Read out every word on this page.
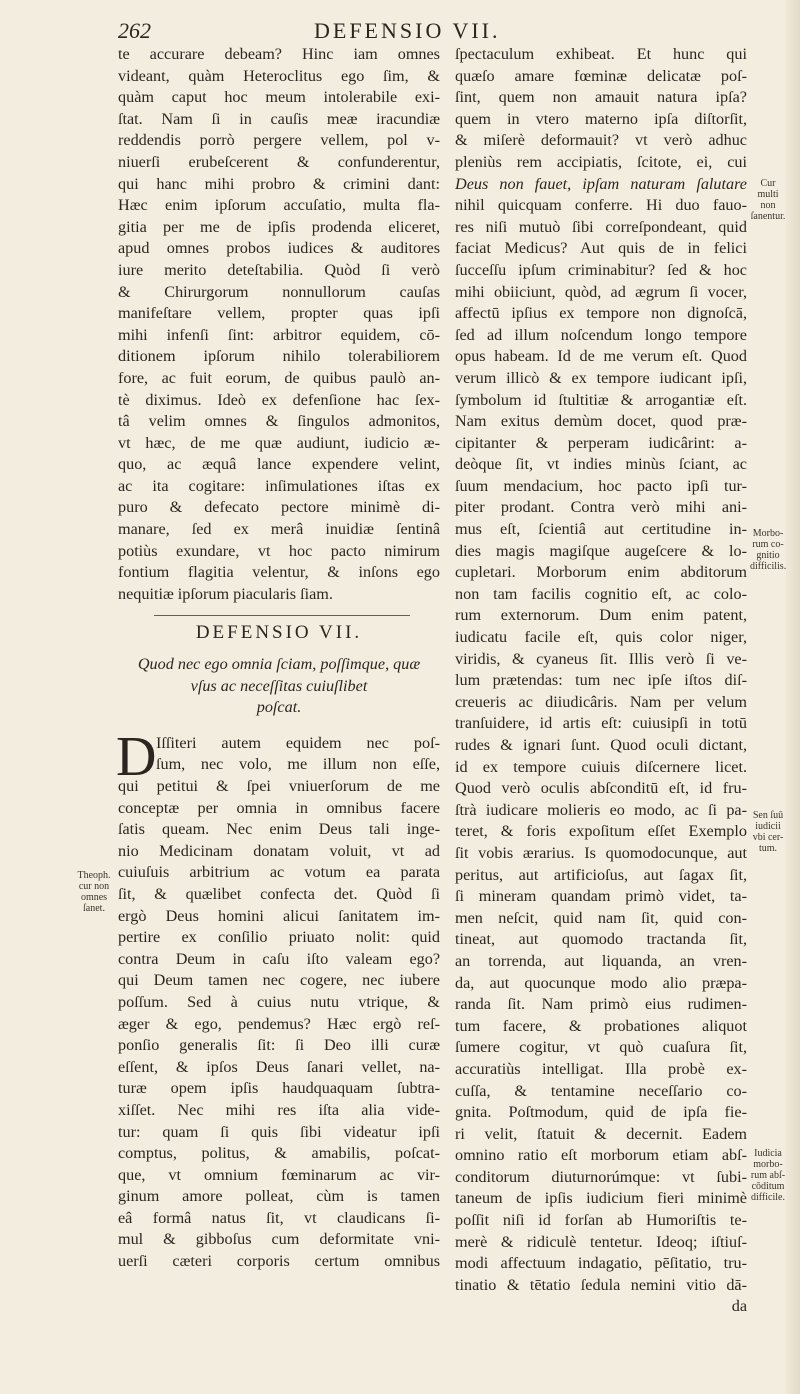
262	DEFENSIO VII.
te accurare debeam? Hinc iam omnes
videant, quàm Heteroclitus ego ſim, &
quàm caput hoc meum intolerabile exi-
ſtat. Nam ſi in cauſis meæ iracundiæ
reddendis porrò pergere vellem, pol v-
niuerſi erubeſcerent & confunderentur,
qui hanc mihi probro & crimini dant:
Hæc enim ipſorum accuſatio, multa fla-
gitia per me de ipſis prodenda eliceret,
apud omnes probos iudices & auditores
iure merito deteſtabilia. Quòd ſi verò
& Chirurgorum nonnullorum cauſas
manifeſtare vellem, propter quas ipſi
mihi infenſi ſint: arbitror equidem, cō-
ditionem ipſorum nihilo tolerabiliorem
fore, ac fuit eorum, de quibus paulò an-
tè diximus. Ideò ex defenſione hac ſex-
tâ velim omnes & ſingulos admonitos,
vt hæc, de me quæ audiunt, iudicio æ-
quo, ac æquâ lance expendere velint,
ac ita cogitare: inſimulationes iſtas ex
puro & defecato pectore minimè di-
manare, ſed ex merâ inuidiæ ſentinâ
potiùs exundare, vt hoc pacto nimirum
fontium flagitia velentur, & inſons ego
nequitiæ ipſorum piacularis ſiam.
DEFENSIO VII.
Quod nec ego omnia ſciam, poſſimque, quæ
vſus ac neceſſitas cuiuſlibet
poſcat.
D Iſſiteri autem equidem nec poſ-
ſum, nec volo, me illum non eſſe,
qui petitui & ſpei vniuerſorum de me
conceptæ per omnia in omnibus facere
ſatis queam. Nec enim Deus tali inge-
nio Medicinam donatam voluit, vt ad
cuiuſuis arbitrium ac votum ea parata
ſit, & quælibet confecta det. Quòd ſi
ergò Deus homini alicui ſanitatem im-
pertire ex conſilio priuato nolit: quid
contra Deum in caſu iſto valeam ego?
qui Deum tamen nec cogere, nec iubere
poſſum. Sed à cuius nutu vtrique, &
æger & ego, pendemus? Hæc ergò reſ-
ponſio generalis ſit: ſi Deo illi curæ
eſſent, & ipſos Deus ſanari vellet, na-
turæ opem ipſis haudquaquam ſubtra-
xiſſet. Nec mihi res iſta alia vide-
tur: quam ſi quis ſibi videatur ipſi
comptus, politus, & amabilis, poſcat-
que, vt omnium fœminarum ac vir-
ginum amore polleat, cùm is tamen
eâ formâ natus ſit, vt claudicans ſi-
mul & gibboſus cum deformitate vni-
uerſi cæteri corporis certum omnibus
Theoph. cur non omnes ſanet.
ſpectaculum exhibeat. Et hunc qui
quæſo amare fœminæ delicatæ poſ-
ſint, quem non amauit natura ipſa?
quem in vtero materno ipſa diſtorſit,
& miſerè deformauit? vt verò adhuc
pleniùs rem accipiatis, ſcitote, ei, cui
Deus non fauet, ipſam naturam ſalutare
nihil quicquam conferre. Hi duo fauo-
res niſi mutuò ſibi correſpondeant, quid
faciat Medicus? Aut quis de in felici
ſucceſſu ipſum criminabitur? ſed & hoc
mihi obiiciunt, quòd, ad ægrum ſi vocer,
affectū ipſius ex tempore non dignoſcā,
ſed ad illum noſcendum longo tempore
opus habeam. Id de me verum eſt. Quod
verum illicò & ex tempore iudicant ipſi,
ſymbolum id ſtultitiæ & arrogantiæ eſt.
Nam exitus demùm docet, quod præ-
cipitanter & perperam iudicârint: a-
deòque ſit, vt indies minùs ſciant, ac
ſuum mendacium, hoc pacto ipſi tur-
piter prodant. Contra verò mihi ani-
mus eſt, ſcientiâ aut certitudine in-
dies magis magiſque augeſcere & lo-
cupletari. Morborum enim abditorum
non tam facilis cognitio eſt, ac colo-
rum externorum. Dum enim patent,
iudicatu facile eſt, quis color niger,
viridis, & cyaneus ſit. Illis verò ſi ve-
lum prætendas: tum nec ipſe iſtos diſ-
creueris ac diiudicâris. Nam per velum
tranſuidere, id artis eſt: cuiusipſi in totū
rudes & ignari ſunt. Quod oculi dictant,
id ex tempore cuiuis diſcernere licet.
Quod verò oculis abſconditū eſt, id fru-
ſtrà iudicare molieris eo modo, ac ſi pa-
teret, & foris expoſitum eſſet Exemplo
ſit vobis ærarius. Is quomodocunque, aut
peritus, aut artificioſus, aut ſagax ſit,
ſi mineram quandam primò videt, ta-
men neſcit, quid nam ſit, quid con-
tineat, aut quomodo tractanda ſit,
an torrenda, aut liquanda, an vren-
da, aut quocunque modo alio præpa-
randa ſit. Nam primò eius rudimen-
tum facere, & probationes aliquot
ſumere cogitur, vt quò cuaſura ſit,
accuratiùs intelligat. Illa probè ex-
cuſſa, & tentamine neceſſario co-
gnita. Poſtmodum, quid de ipſa fie-
ri velit, ſtatuit & decernit. Eadem
omnino ratio eſt morborum etiam abſ-
conditorum diuturnorúmque: vt ſubi-
taneum de ipſis iudicium fieri minimè
poſſit niſi id forſan ab Humoriſtis te-
merè & ridiculè tentetur. Ideoq; iſtiuſ-
modi affectuum indagatio, pēſitatio, tru-
tinatio & tētatio ſedula nemini vitio dā-
da
Cur multi non ſanentur.
Morbo-rum co-gnitio difficilis.
Sen ſuū iudicii vbi cer-tum.
Iudicia morbo-rum abſ-cōditum difficile.
